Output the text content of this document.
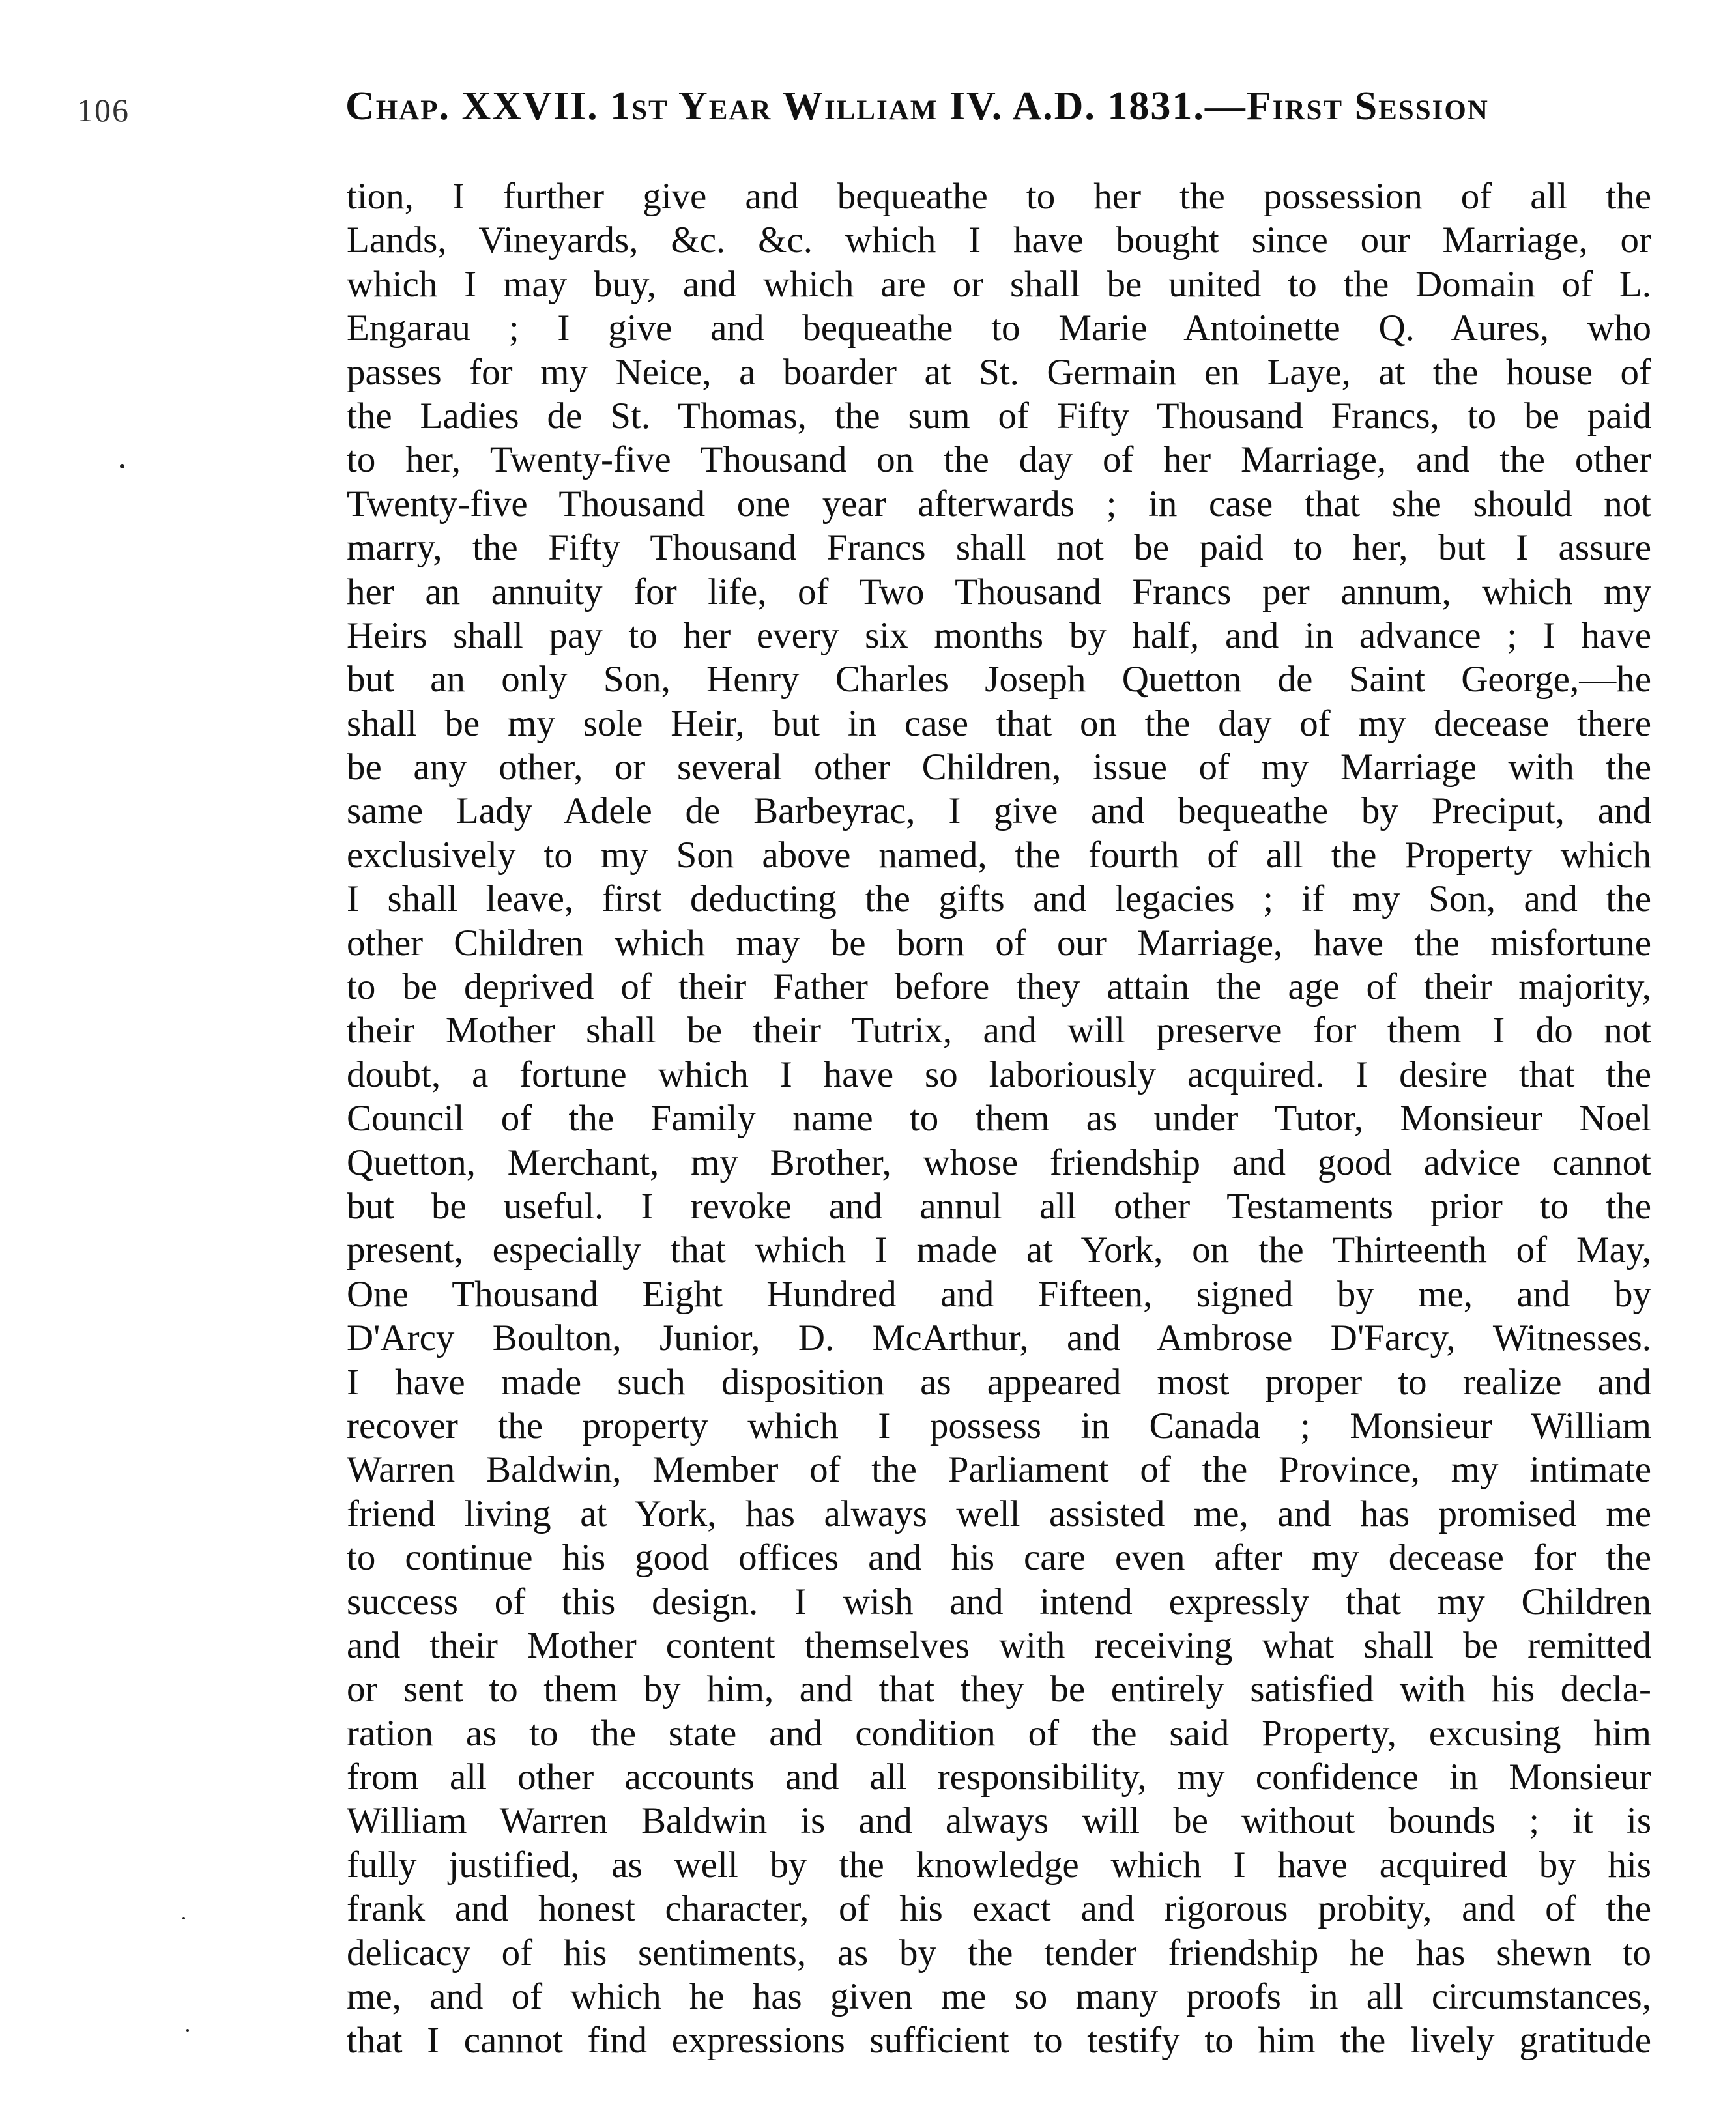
106	Chap. XXVII. 1st Year William IV. A.D. 1831.—First Session
tion, I further give and bequeathe to her the possession of all the
Lands, Vineyards, &c. &c. which I have bought since our Marriage, or
which I may buy, and which are or shall be united to the Domain of L.
Engarau ; I give and bequeathe to Marie Antoinette Q. Aures, who
passes for my Neice, a boarder at St. Germain en Laye, at the house of
the Ladies de St. Thomas, the sum of Fifty Thousand Francs, to be paid
to her, Twenty-five Thousand on the day of her Marriage, and the other
Twenty-five Thousand one year afterwards ; in case that she should not
marry, the Fifty Thousand Francs shall not be paid to her, but I assure
her an annuity for life, of Two Thousand Francs per annum, which my
Heirs shall pay to her every six months by half, and in advance ; I have
but an only Son, Henry Charles Joseph Quetton de Saint George,—he
shall be my sole Heir, but in case that on the day of my decease there
be any other, or several other Children, issue of my Marriage with the
same Lady Adele de Barbeyrac, I give and bequeathe by Preciput, and
exclusively to my Son above named, the fourth of all the Property which
I shall leave, first deducting the gifts and legacies ; if my Son, and the
other Children which may be born of our Marriage, have the misfortune
to be deprived of their Father before they attain the age of their majority,
their Mother shall be their Tutrix, and will preserve for them I do not
doubt, a fortune which I have so laboriously acquired. I desire that the
Council of the Family name to them as under Tutor, Monsieur Noel
Quetton, Merchant, my Brother, whose friendship and good advice cannot
but be useful. I revoke and annul all other Testaments prior to the
present, especially that which I made at York, on the Thirteenth of May,
One Thousand Eight Hundred and Fifteen, signed by me, and by
D'Arcy Boulton, Junior, D. McArthur, and Ambrose D'Farcy, Witnesses.
I have made such disposition as appeared most proper to realize and
recover the property which I possess in Canada ; Monsieur William
Warren Baldwin, Member of the Parliament of the Province, my intimate
friend living at York, has always well assisted me, and has promised me
to continue his good offices and his care even after my decease for the
success of this design. I wish and intend expressly that my Children
and their Mother content themselves with receiving what shall be remitted
or sent to them by him, and that they be entirely satisfied with his decla-
ration as to the state and condition of the said Property, excusing him
from all other accounts and all responsibility, my confidence in Monsieur
William Warren Baldwin is and always will be without bounds ; it is
fully justified, as well by the knowledge which I have acquired by his
frank and honest character, of his exact and rigorous probity, and of the
delicacy of his sentiments, as by the tender friendship he has shewn to
me, and of which he has given me so many proofs in all circumstances,
that I cannot find expressions sufficient to testify to him the lively gratitude
